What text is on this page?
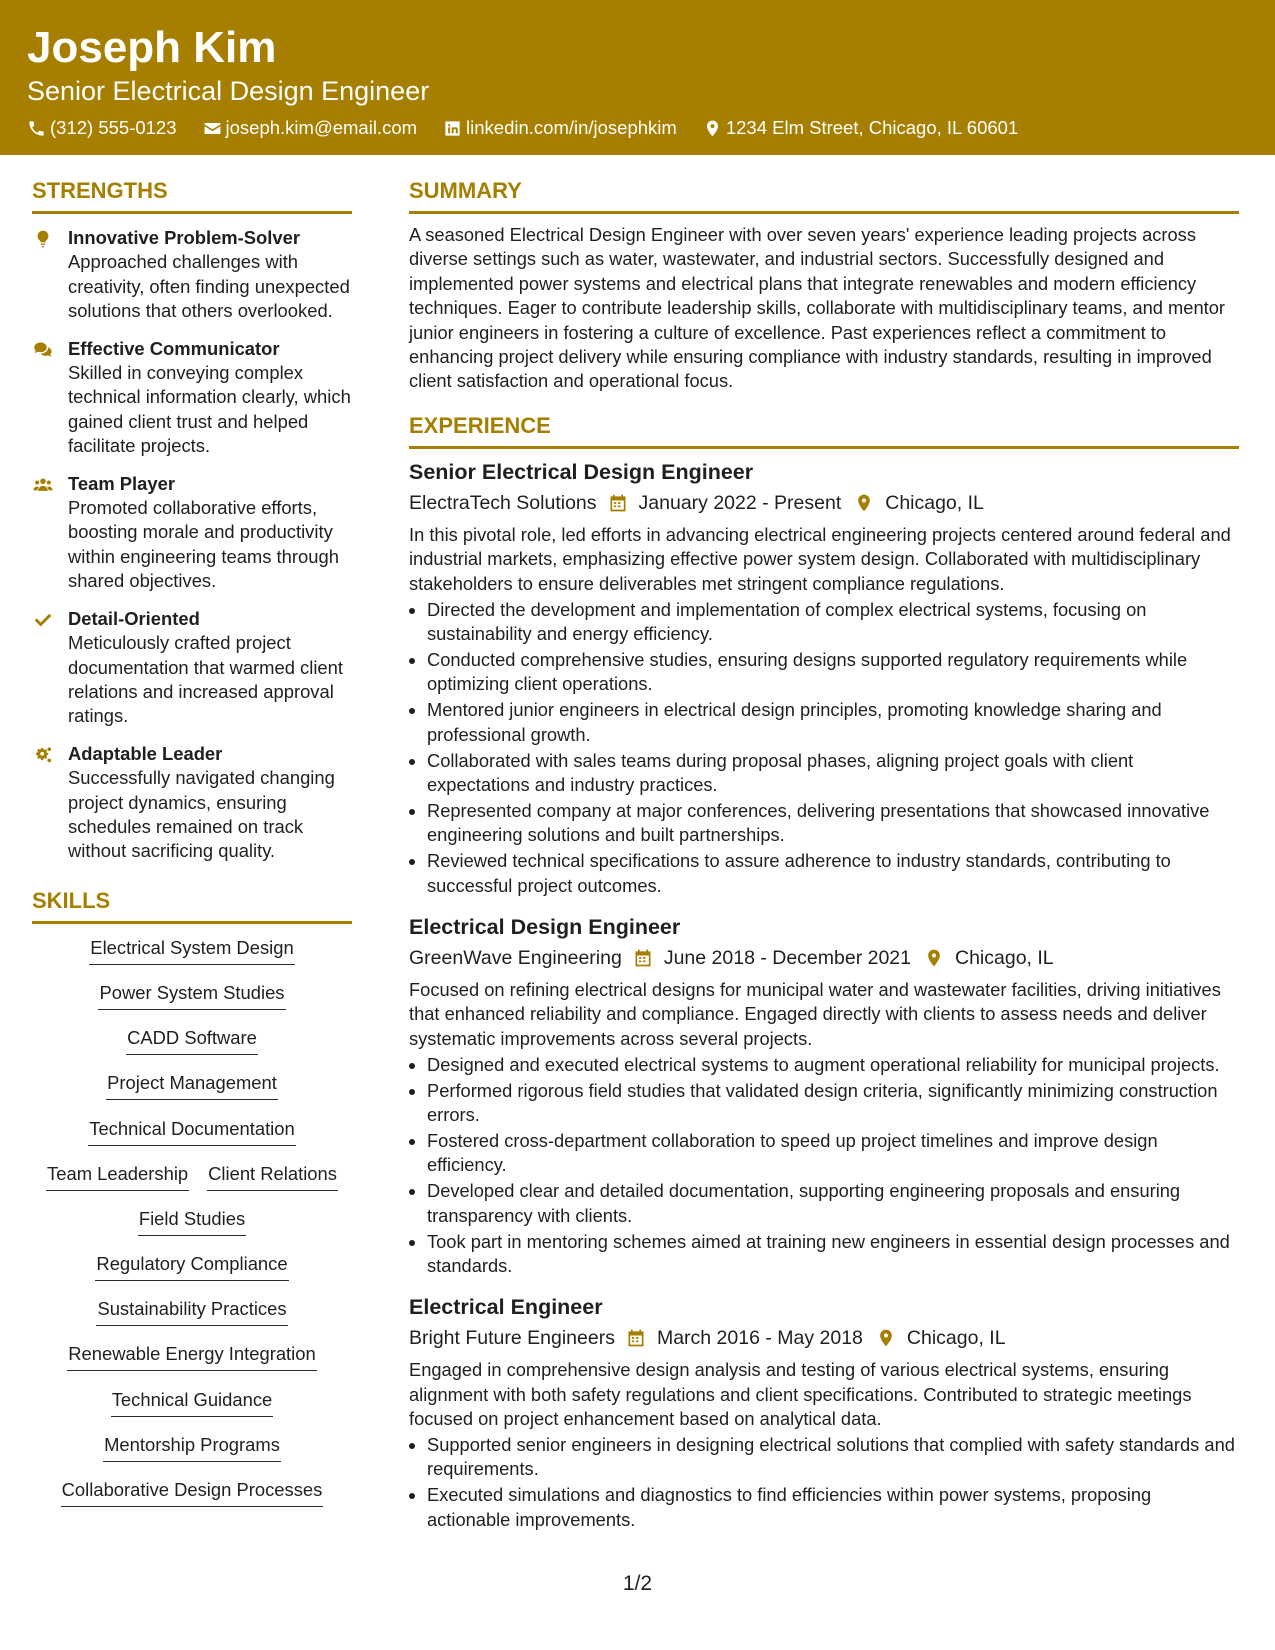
Joseph Kim
Senior Electrical Design Engineer
(312) 555-0123	joseph.kim@email.com	linkedin.com/in/josephkim	1234 Elm Street, Chicago, IL 60601
STRENGTHS
Innovative Problem-Solver
Approached challenges with creativity, often finding unexpected solutions that others overlooked.
Effective Communicator
Skilled in conveying complex technical information clearly, which gained client trust and helped facilitate projects.
Team Player
Promoted collaborative efforts, boosting morale and productivity within engineering teams through shared objectives.
Detail-Oriented
Meticulously crafted project documentation that warmed client relations and increased approval ratings.
Adaptable Leader
Successfully navigated changing project dynamics, ensuring schedules remained on track without sacrificing quality.
SKILLS
Electrical System Design
Power System Studies
CADD Software
Project Management
Technical Documentation
Team Leadership Client Relations
Field Studies
Regulatory Compliance
Sustainability Practices
Renewable Energy Integration
Technical Guidance
Mentorship Programs
Collaborative Design Processes
SUMMARY

A seasoned Electrical Design Engineer with over seven years' experience leading projects across diverse settings such as water, wastewater, and industrial sectors. Successfully designed and implemented power systems and electrical plans that integrate renewables and modern efficiency techniques. Eager to contribute leadership skills, collaborate with multidisciplinary teams, and mentor junior engineers in fostering a culture of excellence. Past experiences reflect a commitment to enhancing project delivery while ensuring compliance with industry standards, resulting in improved client satisfaction and operational focus.

EXPERIENCE
Senior Electrical Design Engineer
ElectraTech Solutions January 2022 - Present Chicago, IL
In this pivotal role, led efforts in advancing electrical engineering projects centered around federal and industrial markets, emphasizing effective power system design. Collaborated with multidisciplinary stakeholders to ensure deliverables met stringent compliance regulations.
• Directed the development and implementation of complex electrical systems, focusing on sustainability and energy efficiency.
• Conducted comprehensive studies, ensuring designs supported regulatory requirements while optimizing client operations.
• Mentored junior engineers in electrical design principles, promoting knowledge sharing and professional growth.
• Collaborated with sales teams during proposal phases, aligning project goals with client expectations and industry practices.
• Represented company at major conferences, delivering presentations that showcased innovative engineering solutions and built partnerships.
• Reviewed technical specifications to assure adherence to industry standards, contributing to successful project outcomes.
Electrical Design Engineer
GreenWave Engineering June 2018 - December 2021 Chicago, IL
Focused on refining electrical designs for municipal water and wastewater facilities, driving initiatives that enhanced reliability and compliance. Engaged directly with clients to assess needs and deliver systematic improvements across several projects.
• Designed and executed electrical systems to augment operational reliability for municipal projects.
• Performed rigorous field studies that validated design criteria, significantly minimizing construction errors.
• Fostered cross-department collaboration to speed up project timelines and improve design efficiency.
• Developed clear and detailed documentation, supporting engineering proposals and ensuring transparency with clients.
• Took part in mentoring schemes aimed at training new engineers in essential design processes and standards.
Electrical Engineer
Bright Future Engineers March 2016 - May 2018 Chicago, IL
Engaged in comprehensive design analysis and testing of various electrical systems, ensuring alignment with both safety regulations and client specifications. Contributed to strategic meetings focused on project enhancement based on analytical data.
• Supported senior engineers in designing electrical solutions that complied with safety standards and requirements.
• Executed simulations and diagnostics to find efficiencies within power systems, proposing actionable improvements.
1/2
